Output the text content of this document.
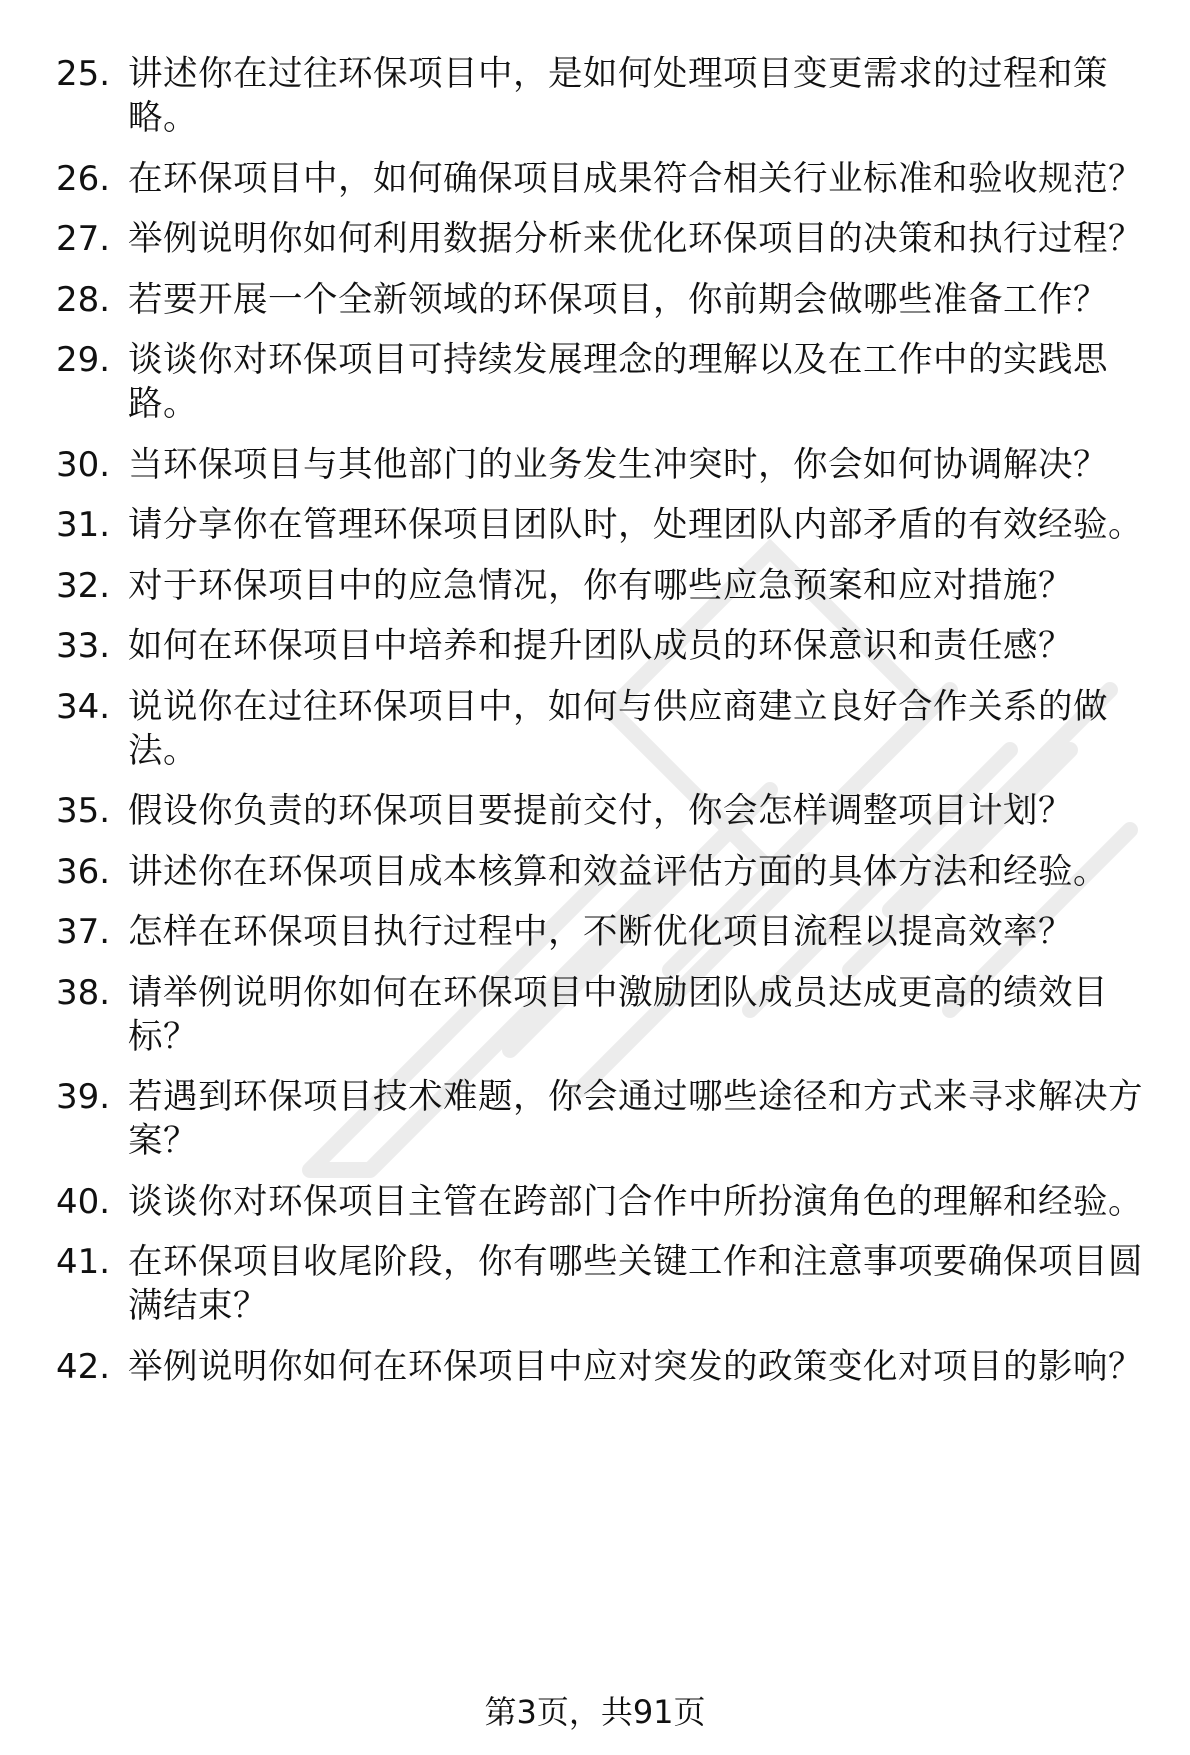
25. 讲述你在过往环保项目中，是如何处理项目变更需求的过程和策略。
26. 在环保项目中，如何确保项目成果符合相关行业标准和验收规范？
27. 举例说明你如何利用数据分析来优化环保项目的决策和执行过程？
28. 若要开展一个全新领域的环保项目，你前期会做哪些准备工作？
29. 谈谈你对环保项目可持续发展理念的理解以及在工作中的实践思路。
30. 当环保项目与其他部门的业务发生冲突时，你会如何协调解决？
31. 请分享你在管理环保项目团队时，处理团队内部矛盾的有效经验。
32. 对于环保项目中的应急情况，你有哪些应急预案和应对措施？
33. 如何在环保项目中培养和提升团队成员的环保意识和责任感？
34. 说说你在过往环保项目中，如何与供应商建立良好合作关系的做法。
35. 假设你负责的环保项目要提前交付，你会怎样调整项目计划？
36. 讲述你在环保项目成本核算和效益评估方面的具体方法和经验。
37. 怎样在环保项目执行过程中，不断优化项目流程以提高效率？
38. 请举例说明你如何在环保项目中激励团队成员达成更高的绩效目标？
39. 若遇到环保项目技术难题，你会通过哪些途径和方式来寻求解决方案？
40. 谈谈你对环保项目主管在跨部门合作中所扮演角色的理解和经验。
41. 在环保项目收尾阶段，你有哪些关键工作和注意事项要确保项目圆满结束？
42. 举例说明你如何在环保项目中应对突发的政策变化对项目的影响？
第3页，共91页
